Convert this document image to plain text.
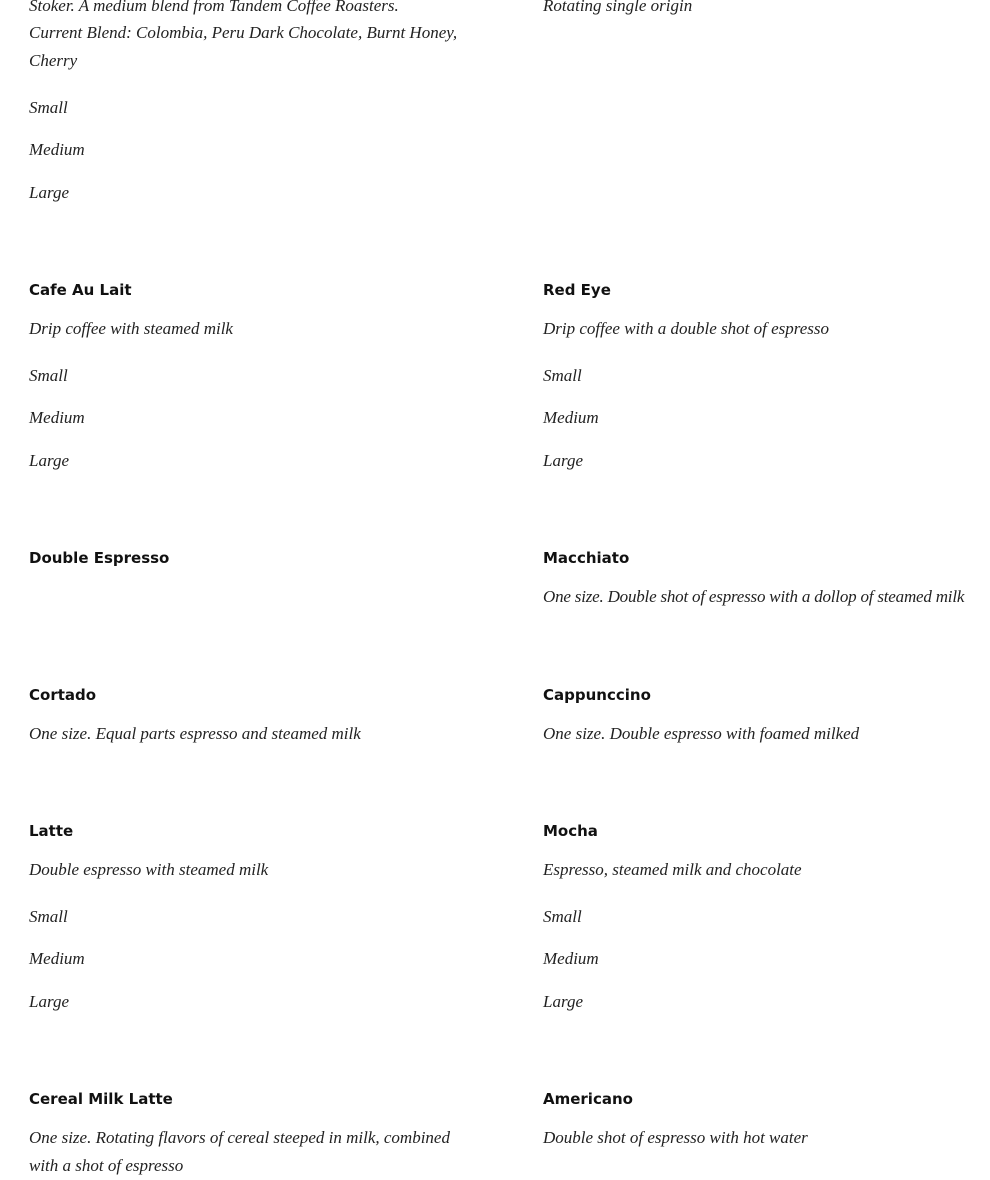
Stoker. A medium blend from Tandem Coffee Roasters.
Current Blend: Colombia, Peru Dark Chocolate, Burnt Honey, Cherry
Small
Medium
Large
Cafe Au Lait
Drip coffee with steamed milk
Small
Medium
Large
Double Espresso
Cortado
One size. Equal parts espresso and steamed milk
Latte
Double espresso with steamed milk
Small
Medium
Large
Cereal Milk Latte
One size. Rotating flavors of cereal steeped in milk, combined with a shot of espresso
Rotating single origin
Red Eye
Drip coffee with a double shot of espresso
Small
Medium
Large
Macchiato
One size. Double shot of espresso with a dollop of steamed milk
Cappunccino
One size. Double espresso with foamed milked
Mocha
Espresso, steamed milk and chocolate
Small
Medium
Large
Americano
Double shot of espresso with hot water
